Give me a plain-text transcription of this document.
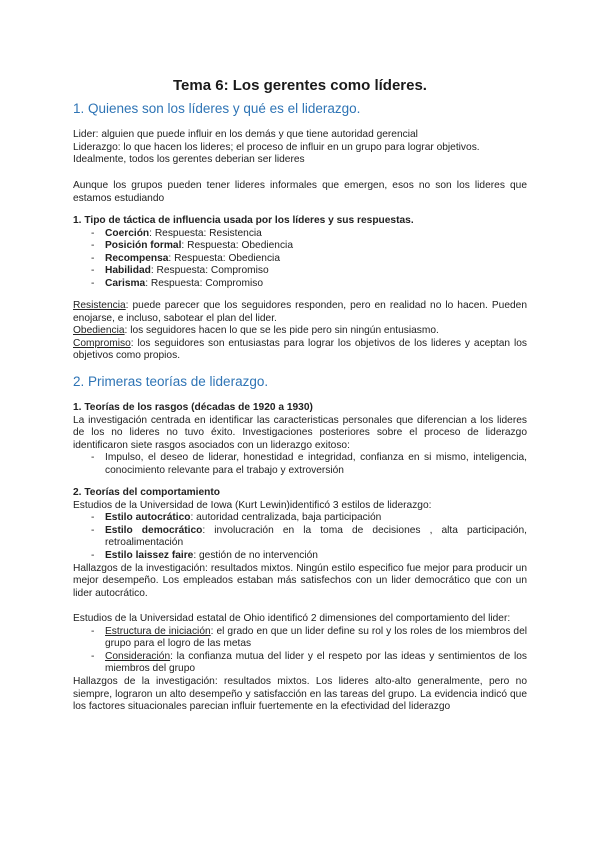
Tema 6: Los gerentes como líderes.
1. Quienes son los líderes y qué es el liderazgo.

Lider: alguien que puede influir en los demás y que tiene autoridad gerencial

Liderazgo: lo que hacen los lideres; el proceso de influir en un grupo para lograr objetivos.

Idealmente, todos los gerentes deberian ser lideres

Aunque los grupos pueden tener lideres informales que emergen, esos no son los lideres que estamos estudiando

1. Tipo de táctica de influencia usada por los líderes y sus respuestas.

- Coerción: Respuesta: Resistencia
- Posición formal: Respuesta: Obediencia
- Recompensa: Respuesta: Obediencia
- Habilidad: Respuesta: Compromiso
- Carisma: Respuesta: Compromiso

Resistencia: puede parecer que los seguidores responden, pero en realidad no lo hacen. Pueden enojarse, e incluso, sabotear el plan del lider.

Obediencia: los seguidores hacen lo que se les pide pero sin ningún entusiasmo.

Compromiso: los seguidores son entusiastas para lograr los objetivos de los lideres y aceptan los objetivos como propios.

2. Primeras teorías de liderazgo.

1. Teorías de los rasgos (décadas de 1920 a 1930)

La investigación centrada en identificar las caracteristicas personales que diferencian a los lideres de los no lideres no tuvo éxito. Investigaciones posteriores sobre el proceso de liderazgo identificaron siete rasgos asociados con un liderazgo exitoso:

- Impulso, el deseo de liderar, honestidad e integridad, confianza en si mismo, inteligencia, conocimiento relevante para el trabajo y extroversión

2. Teorías del comportamiento

Estudios de la Universidad de Iowa (Kurt Lewin)identificó 3 estilos de liderazgo:

- Estilo autocrático: autoridad centralizada, baja participación
- Estilo democrático: involucración en la toma de decisiones , alta participación, retroalimentación
- Estilo laissez faire: gestión de no intervención

Hallazgos de la investigación: resultados mixtos. Ningún estilo especifico fue mejor para producir un mejor desempeño. Los empleados estaban más satisfechos con un lider democrático que con un lider autocrático.

Estudios de la Universidad estatal de Ohio identificó 2 dimensiones del comportamiento del lider:

- Estructura de iniciación: el grado en que un lider define su rol y los roles de los miembros del grupo para el logro de las metas
- Consideración: la confianza mutua del lider y el respeto por las ideas y sentimientos de los miembros del grupo

Hallazgos de la investigación: resultados mixtos. Los lideres alto-alto generalmente, pero no siempre, lograron un alto desempeño y satisfacción en las tareas del grupo. La evidencia indicó que los factores situacionales parecian influir fuertemente en la efectividad del liderazgo
